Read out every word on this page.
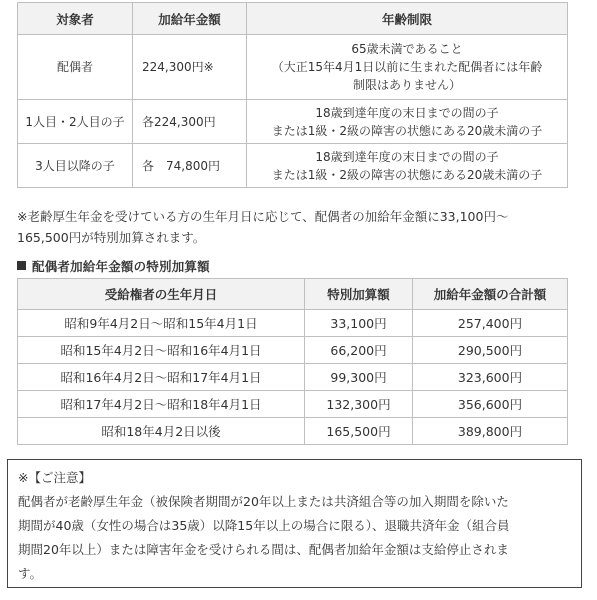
対象者	加給年金額	年齢制限
配偶者	224,300円※	65歳未満であること
（大正15年4月1日以前に生まれた配偶者には年齢
制限はありません）

1人目・2人目の子	各224,300円	18歳到達年度の末日までの間の子
または1級・2級の障害の状態にある20歳未満の子

3人目以降の子	各　74,800円	18歳到達年度の末日までの間の子
または1級・2級の障害の状態にある20歳未満の子
※老齢厚生年金を受けている方の生年月日に応じて、配偶者の加給年金額に33,100円～
165,500円が特別加算されます。
配偶者加給年金額の特別加算額
受給権者の生年月日	特別加算額	加給年金額の合計額
昭和9年4月2日～昭和15年4月1日	33,100円	257,400円
昭和15年4月2日～昭和16年4月1日	66,200円	290,500円
昭和16年4月2日～昭和17年4月1日	99,300円	323,600円
昭和17年4月2日～昭和18年4月1日	132,300円	356,600円
昭和18年4月2日以後	165,500円	389,800円
※【ご注意】
配偶者が老齢厚生年金（被保険者期間が20年以上または共済組合等の加入期間を除いた
期間が40歳（女性の場合は35歳）以降15年以上の場合に限る）、退職共済年金（組合員
期間20年以上）または障害年金を受けられる間は、配偶者加給年金額は支給停止されま
す。
